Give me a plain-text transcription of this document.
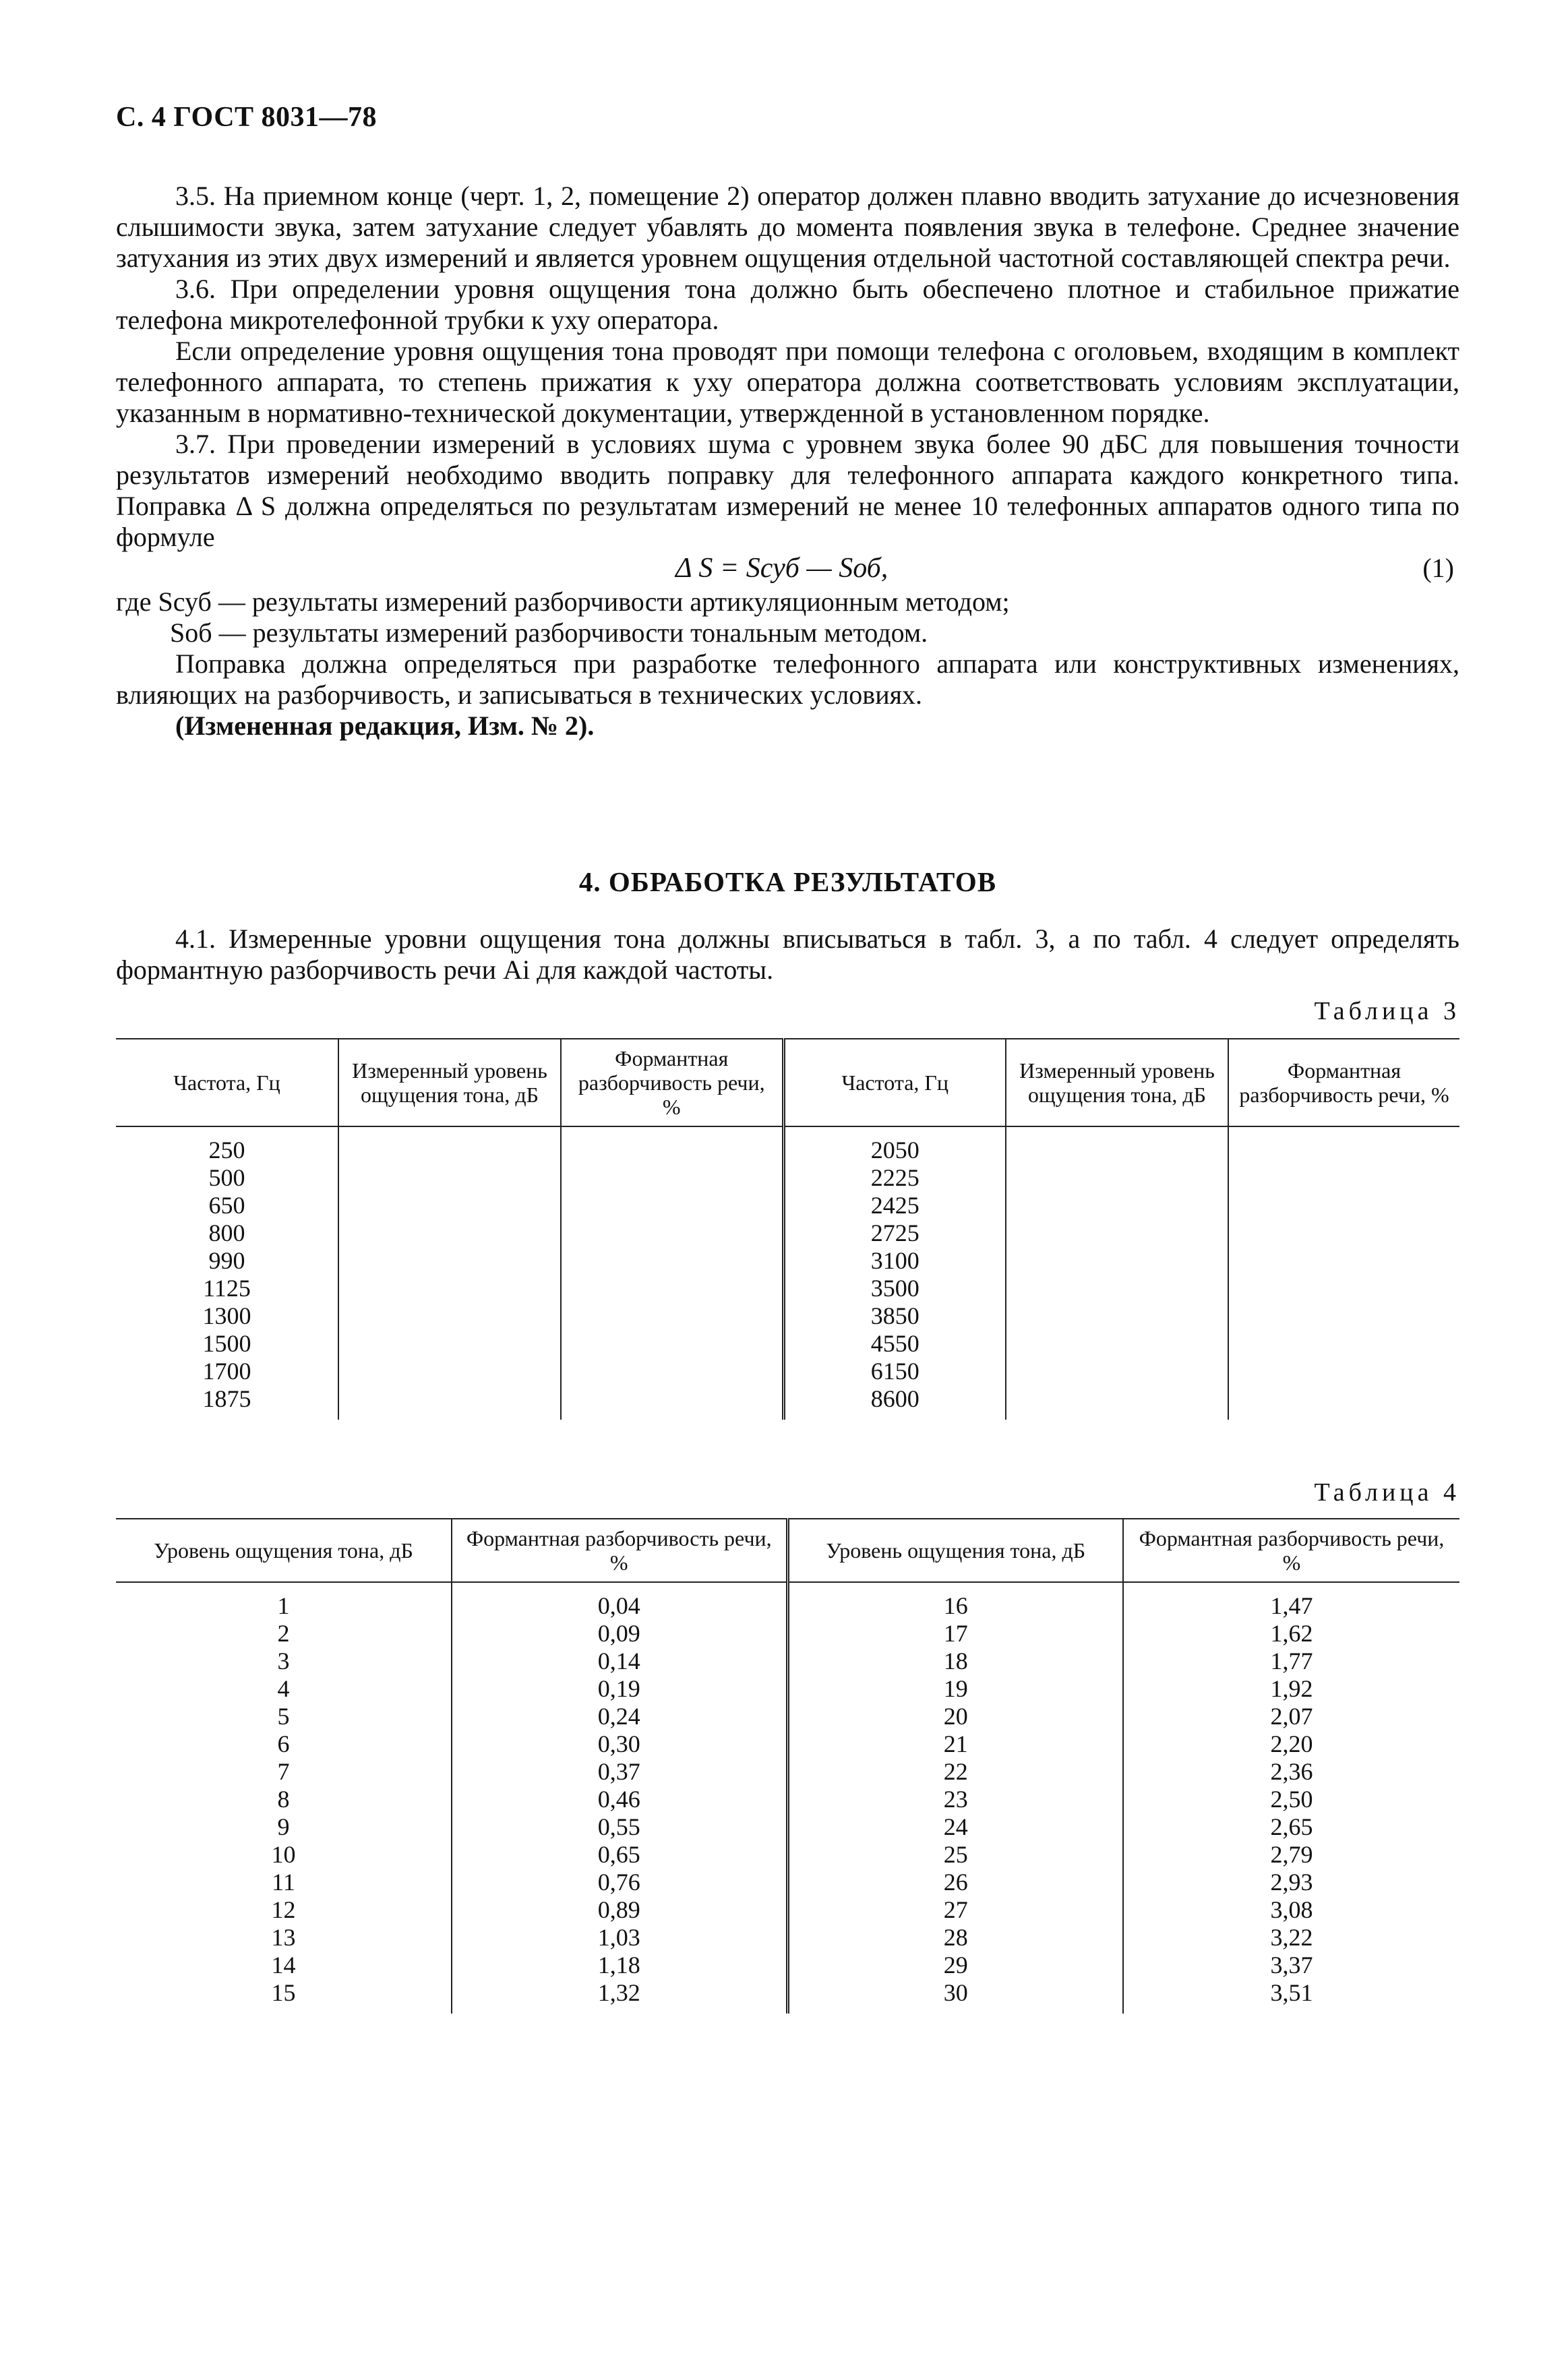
С. 4 ГОСТ 8031—78

3.5. На приемном конце (черт. 1, 2, помещение 2) оператор должен плавно вводить затухание до исчезновения слышимости звука, затем затухание следует убавлять до момента появления звука в телефоне. Среднее значение затухания из этих двух измерений и является уровнем ощущения отдельной частотной составляющей спектра речи.

3.6. При определении уровня ощущения тона должно быть обеспечено плотное и стабильное прижатие телефона микротелефонной трубки к уху оператора.

Если определение уровня ощущения тона проводят при помощи телефона с оголовьем, входящим в комплект телефонного аппарата, то степень прижатия к уху оператора должна соответствовать условиям эксплуатации, указанным в нормативно-технической документации, утвержденной в установленном порядке.

3.7. При проведении измерений в условиях шума с уровнем звука более 90 дБС для повышения точности результатов измерений необходимо вводить поправку для телефонного аппарата каждого конкретного типа. Поправка Δ S должна определяться по результатам измерений не менее 10 телефонных аппаратов одного типа по формуле

Δ S = Sсуб — Sоб,	(1)
где Sсуб — результаты измерений разборчивости артикуляционным методом;
Sоб — результаты измерений разборчивости тональным методом.

Поправка должна определяться при разработке телефонного аппарата или конструктивных изменениях, влияющих на разборчивость, и записываться в технических условиях.

(Измененная редакция, Изм. № 2).

4. ОБРАБОТКА РЕЗУЛЬТАТОВ

4.1. Измеренные уровни ощущения тона должны вписываться в табл. 3, а по табл. 4 следует определять формантную разборчивость речи Ai для каждой частоты.

Таблица 3
Частота, Гц	Измеренный уровень ощущения тона, дБ	Формантная разборчивость речи, %	Частота, Гц	Измеренный уровень ощущения тона, дБ	Формантная разборчивость речи, %
250			2050		
500			2225		
650			2425		
800			2725		
990			3100		
1125			3500		
1300			3850		
1500			4550		
1700			6150		
1875			8600		
Таблица 4
Уровень ощущения тона, дБ	Формантная разборчивость речи, %	Уровень ощущения тона, дБ	Формантная разборчивость речи, %
1	0,04	16	1,47
2	0,09	17	1,62
3	0,14	18	1,77
4	0,19	19	1,92
5	0,24	20	2,07
6	0,30	21	2,20
7	0,37	22	2,36
8	0,46	23	2,50
9	0,55	24	2,65
10	0,65	25	2,79
11	0,76	26	2,93
12	0,89	27	3,08
13	1,03	28	3,22
14	1,18	29	3,37
15	1,32	30	3,51
